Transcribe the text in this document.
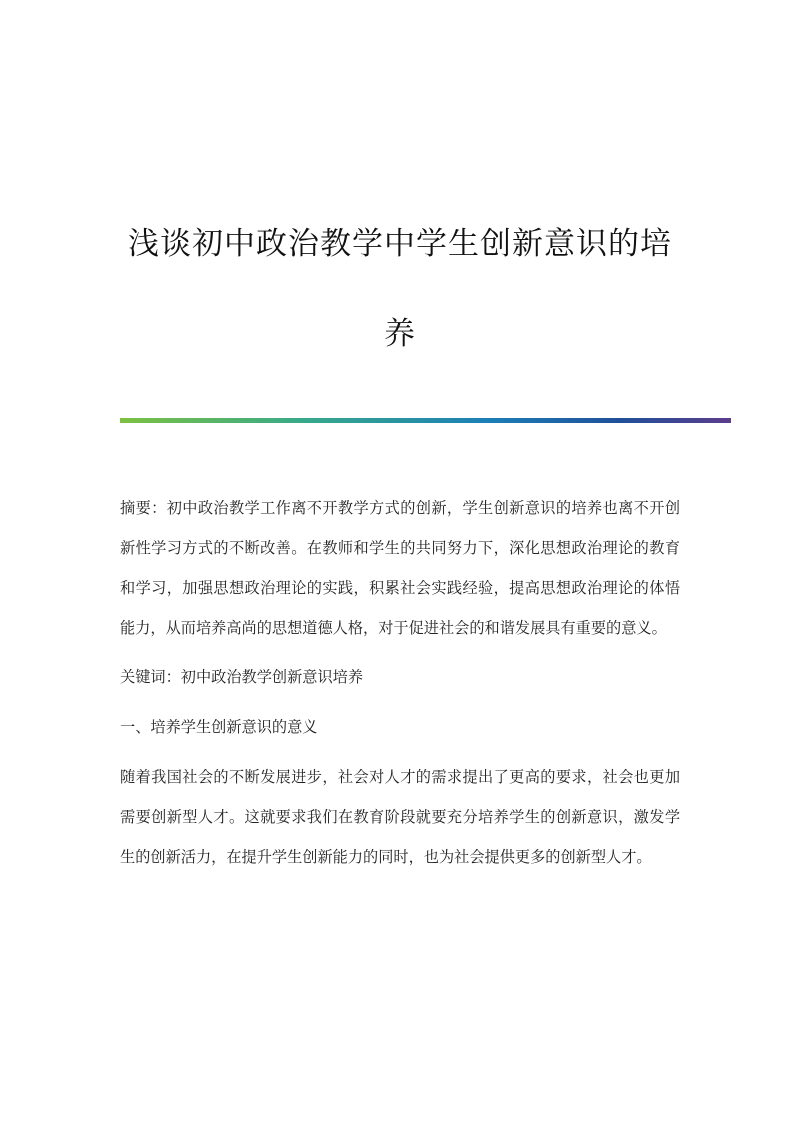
浅谈初中政治教学中学生创新意识的培
养

摘要：初中政治教学工作离不开教学方式的创新，学生创新意识的培养也离不开创新性学习方式的不断改善。在教师和学生的共同努力下，深化思想政治理论的教育和学习，加强思想政治理论的实践，积累社会实践经验，提高思想政治理论的体悟能力，从而培养高尚的思想道德人格，对于促进社会的和谐发展具有重要的意义。

关键词：初中政治教学创新意识培养

一、培养学生创新意识的意义

随着我国社会的不断发展进步，社会对人才的需求提出了更高的要求，社会也更加需要创新型人才。这就要求我们在教育阶段就要充分培养学生的创新意识，激发学生的创新活力，在提升学生创新能力的同时，也为社会提供更多的创新型人才。
